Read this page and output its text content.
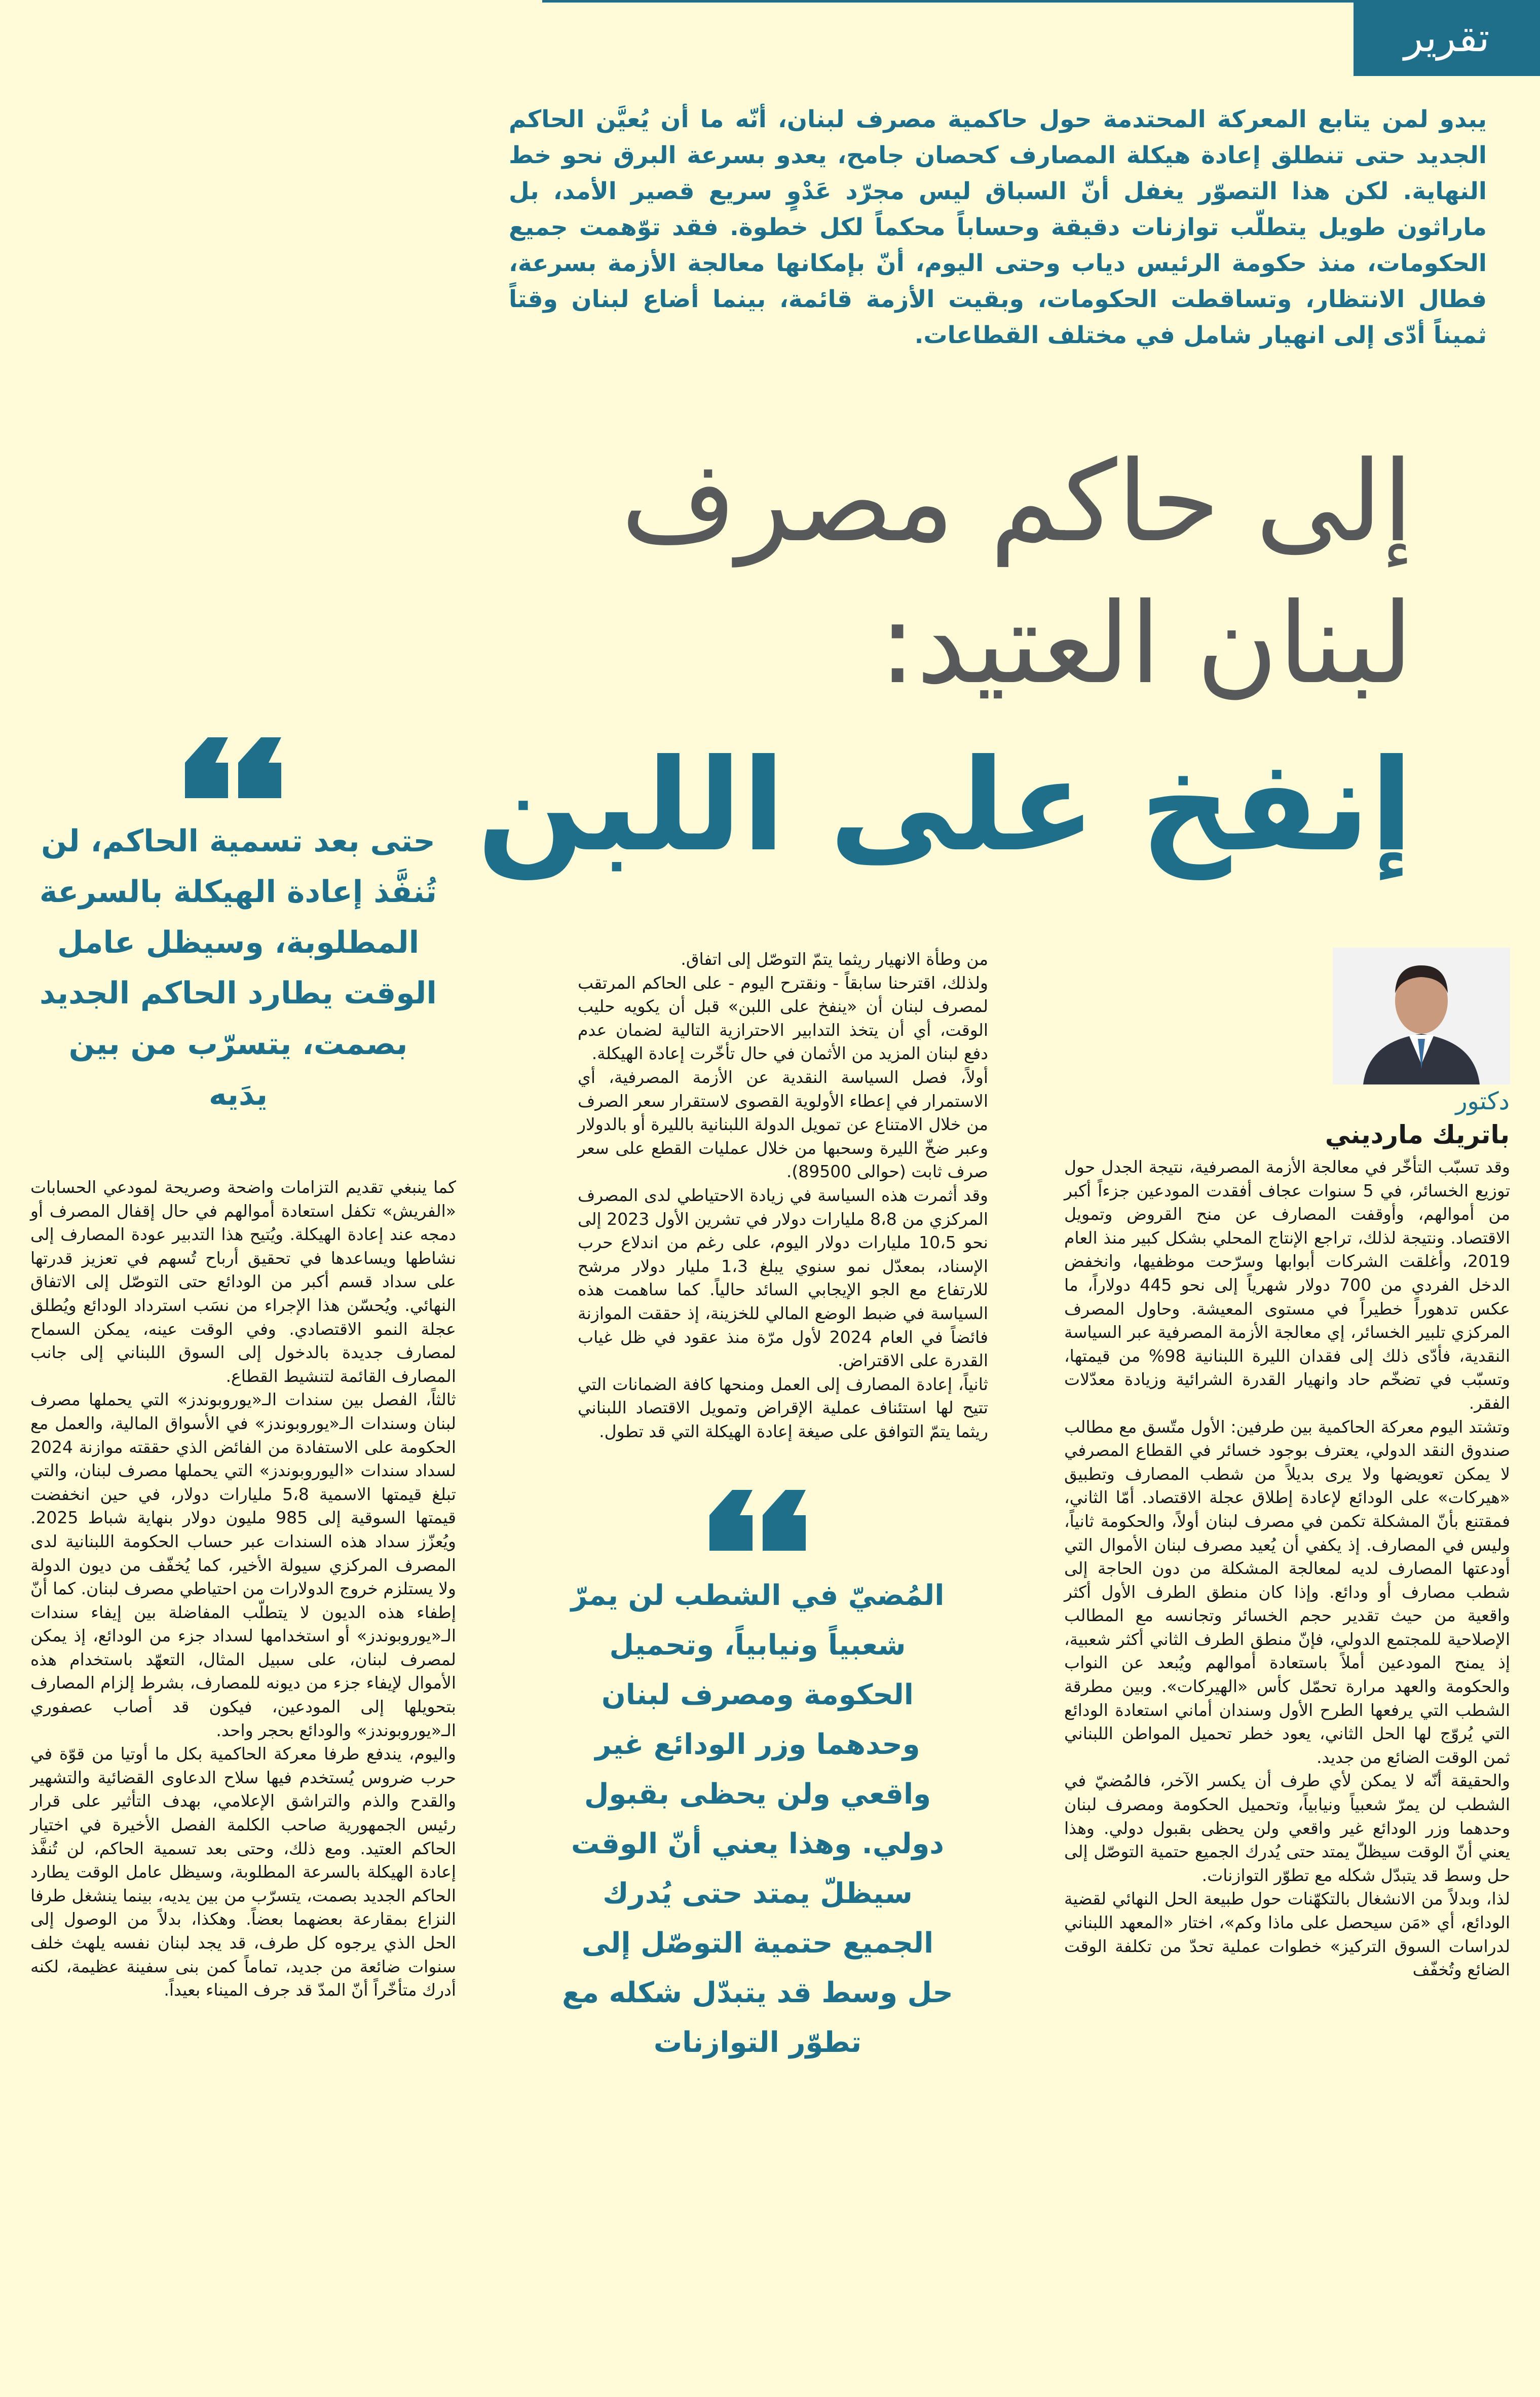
تقرير

يبدو لمن يتابع المعركة المحتدمة حول حاكمية مصرف لبنان، أنّه ما أن يُعيَّن الحاكم الجديد حتى تنطلق إعادة هيكلة المصارف كحصان جامح، يعدو بسرعة البرق نحو خط النهاية. لكن هذا التصوّر يغفل أنّ السباق ليس مجرّد عَدْوٍ سريع قصير الأمد، بل ماراثون طويل يتطلّب توازنات دقيقة وحساباً محكماً لكل خطوة. فقد توّهمت جميع الحكومات، منذ حكومة الرئيس دياب وحتى اليوم، أنّ بإمكانها معالجة الأزمة بسرعة، فطال الانتظار، وتساقطت الحكومات، وبقيت الأزمة قائمة، بينما أضاع لبنان وقتاً ثميناً أدّى إلى انهيار شامل في مختلف القطاعات.

إلى حاكم مصرف
لبنان العتيد:
إنفخ على اللبن

حتى بعد تسمية الحاكم، لن تُنفَّذ إعادة الهيكلة بالسرعة المطلوبة، وسيظل عامل الوقت يطارد الحاكم الجديد بصمت، يتسرّب من بين يدَيه

المُضيّ في الشطب لن يمرّ شعبياً ونيابياً، وتحميل الحكومة ومصرف لبنان وحدهما وزر الودائع غير واقعي ولن يحظى بقبول دولي. وهذا يعني أنّ الوقت سيظلّ يمتد حتى يُدرك الجميع حتمية التوصّل إلى حل وسط قد يتبدّل شكله مع تطوّر التوازنات

دكتور

باتريك مارديني

وقد تسبّب التأخّر في معالجة الأزمة المصرفية، نتيجة الجدل حول توزيع الخسائر، في 5 سنوات عجاف أفقدت المودعين جزءاً أكبر من أموالهم، وأوقفت المصارف عن منح القروض وتمويل الاقتصاد. ونتيجة لذلك، تراجع الإنتاج المحلي بشكل كبير منذ العام 2019، وأغلقت الشركات أبوابها وسرّحت موظفيها، وانخفض الدخل الفردي من 700 دولار شهرياً إلى نحو 445 دولاراً، ما عكس تدهوراً خطيراً في مستوى المعيشة. وحاول المصرف المركزي تلبير الخسائر، إي معالجة الأزمة المصرفية عبر السياسة النقدية، فأدّى ذلك إلى فقدان الليرة اللبنانية 98% من قيمتها، وتسبّب في تضخّم حاد وانهيار القدرة الشرائية وزيادة معدّلات الفقر.

وتشتد اليوم معركة الحاكمية بين طرفين: الأول متّسق مع مطالب صندوق النقد الدولي، يعترف بوجود خسائر في القطاع المصرفي لا يمكن تعويضها ولا يرى بديلاً من شطب المصارف وتطبيق «هيركات» على الودائع لإعادة إطلاق عجلة الاقتصاد. أمّا الثاني، فمقتنع بأنّ المشكلة تكمن في مصرف لبنان أولاً، والحكومة ثانياً، وليس في المصارف. إذ يكفي أن يُعيد مصرف لبنان الأموال التي أودعتها المصارف لديه لمعالجة المشكلة من دون الحاجة إلى شطب مصارف أو ودائع. وإذا كان منطق الطرف الأول أكثر واقعية من حيث تقدير حجم الخسائر وتجانسه مع المطالب الإصلاحية للمجتمع الدولي، فإنّ منطق الطرف الثاني أكثر شعبية، إذ يمنح المودعين أملاً باستعادة أموالهم ويُبعد عن النواب والحكومة والعهد مرارة تحمّل كأس «الهيركات». وبين مطرقة الشطب التي يرفعها الطرح الأول وسندان أماني استعادة الودائع التي يُروّج لها الحل الثاني، يعود خطر تحميل المواطن اللبناني ثمن الوقت الضائع من جديد.

والحقيقة أنّه لا يمكن لأي طرف أن يكسر الآخر، فالمُضيّ في الشطب لن يمرّ شعبياً ونيابياً، وتحميل الحكومة ومصرف لبنان وحدهما وزر الودائع غير واقعي ولن يحظى بقبول دولي. وهذا يعني أنّ الوقت سيظلّ يمتد حتى يُدرك الجميع حتمية التوصّل إلى حل وسط قد يتبدّل شكله مع تطوّر التوازنات.

لذا، وبدلاً من الانشغال بالتكهّنات حول طبيعة الحل النهائي لقضية الودائع، أي «مَن سيحصل على ماذا وكم»، اختار «المعهد اللبناني لدراسات السوق التركيز» خطوات عملية تحدّ من تكلفة الوقت الضائع وتُخفّف

من وطأة الانهيار ريثما يتمّ التوصّل إلى اتفاق.

ولذلك، اقترحنا سابقاً - ونقترح اليوم - على الحاكم المرتقب لمصرف لبنان أن «ينفخ على اللبن» قبل أن يكويه حليب الوقت، أي أن يتخذ التدابير الاحترازية التالية لضمان عدم دفع لبنان المزيد من الأثمان في حال تأخّرت إعادة الهيكلة.

أولاً، فصل السياسة النقدية عن الأزمة المصرفية، أي الاستمرار في إعطاء الأولوية القصوى لاستقرار سعر الصرف من خلال الامتناع عن تمويل الدولة اللبنانية بالليرة أو بالدولار وعبر ضخّ الليرة وسحبها من خلال عمليات القطع على سعر صرف ثابت (حوالى 89500).

وقد أثمرت هذه السياسة في زيادة الاحتياطي لدى المصرف المركزي من 8،8 مليارات دولار في تشرين الأول 2023 إلى نحو 10،5 مليارات دولار اليوم، على رغم من اندلاع حرب الإسناد، بمعدّل نمو سنوي يبلغ 1،3 مليار دولار مرشح للارتفاع مع الجو الإيجابي السائد حالياً. كما ساهمت هذه السياسة في ضبط الوضع المالي للخزينة، إذ حققت الموازنة فائضاً في العام 2024 لأول مرّة منذ عقود في ظل غياب القدرة على الاقتراض.

ثانياً، إعادة المصارف إلى العمل ومنحها كافة الضمانات التي تتيح لها استئناف عملية الإقراض وتمويل الاقتصاد اللبناني ريثما يتمّ التوافق على صيغة إعادة الهيكلة التي قد تطول.

كما ينبغي تقديم التزامات واضحة وصريحة لمودعي الحسابات «الفريش» تكفل استعادة أموالهم في حال إقفال المصرف أو دمجه عند إعادة الهيكلة. ويُتيح هذا التدبير عودة المصارف إلى نشاطها ويساعدها في تحقيق أرباح تُسهم في تعزيز قدرتها على سداد قسم أكبر من الودائع حتى التوصّل إلى الاتفاق النهائي. ويُحسّن هذا الإجراء من نسَب استرداد الودائع ويُطلق عجلة النمو الاقتصادي. وفي الوقت عينه، يمكن السماح لمصارف جديدة بالدخول إلى السوق اللبناني إلى جانب المصارف القائمة لتنشيط القطاع.

ثالثاً، الفصل بين سندات الـ«يوروبوندز» التي يحملها مصرف لبنان وسندات الـ«يوروبوندز» في الأسواق المالية، والعمل مع الحكومة على الاستفادة من الفائض الذي حققته موازنة 2024 لسداد سندات «اليوروبوندز» التي يحملها مصرف لبنان، والتي تبلغ قيمتها الاسمية 5،8 مليارات دولار، في حين انخفضت قيمتها السوقية إلى 985 مليون دولار بنهاية شباط 2025. ويُعزّز سداد هذه السندات عبر حساب الحكومة اللبنانية لدى المصرف المركزي سيولة الأخير، كما يُخفّف من ديون الدولة ولا يستلزم خروج الدولارات من احتياطي مصرف لبنان. كما أنّ إطفاء هذه الديون لا يتطلّب المفاضلة بين إيفاء سندات الـ«يوروبوندز» أو استخدامها لسداد جزء من الودائع، إذ يمكن لمصرف لبنان، على سبيل المثال، التعهّد باستخدام هذه الأموال لإيفاء جزء من ديونه للمصارف، بشرط إلزام المصارف بتحويلها إلى المودعين، فيكون قد أصاب عصفوري الـ«يوروبوندز» والودائع بحجر واحد.

واليوم، يندفع طرفا معركة الحاكمية بكل ما أوتيا من قوّة في حرب ضروس يُستخدم فيها سلاح الدعاوى القضائية والتشهير والقدح والذم والتراشق الإعلامي، بهدف التأثير على قرار رئيس الجمهورية صاحب الكلمة الفصل الأخيرة في اختيار الحاكم العتيد. ومع ذلك، وحتى بعد تسمية الحاكم، لن تُنفَّذ إعادة الهيكلة بالسرعة المطلوبة، وسيظل عامل الوقت يطارد الحاكم الجديد بصمت، يتسرّب من بين يديه، بينما ينشغل طرفا النزاع بمقارعة بعضهما بعضاً. وهكذا، بدلاً من الوصول إلى الحل الذي يرجوه كل طرف، قد يجد لبنان نفسه يلهث خلف سنوات ضائعة من جديد، تماماً كمن بنى سفينة عظيمة، لكنه أدرك متأخّراً أنّ المدّ قد جرف الميناء بعيداً.
